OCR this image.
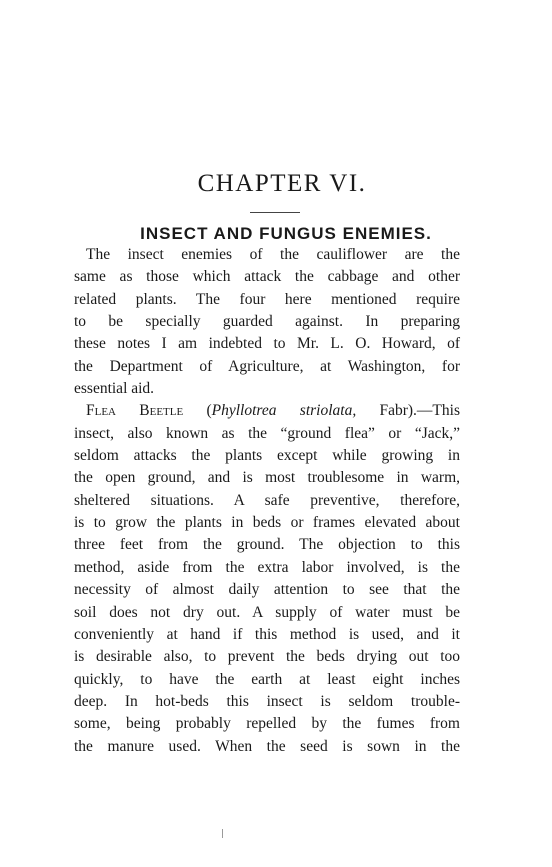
CHAPTER VI.
INSECT AND FUNGUS ENEMIES.
The insect enemies of the cauliflower are the
same as those which attack the cabbage and other
related plants. The four here mentioned require
to be specially guarded against. In preparing
these notes I am indebted to Mr. L. O. Howard, of
the Department of Agriculture, at Washington, for
essential aid.
Flea Beetle (Phyllotrea striolata, Fabr).—This
insect, also known as the “ground flea” or “Jack,”
seldom attacks the plants except while growing in
the open ground, and is most troublesome in warm,
sheltered situations. A safe preventive, therefore,
is to grow the plants in beds or frames elevated about
three feet from the ground. The objection to this
method, aside from the extra labor involved, is the
necessity of almost daily attention to see that the
soil does not dry out. A supply of water must be
conveniently at hand if this method is used, and it
is desirable also, to prevent the beds drying out too
quickly, to have the earth at least eight inches
deep. In hot-beds this insect is seldom trouble-
some, being probably repelled by the fumes from
the manure used. When the seed is sown in the
